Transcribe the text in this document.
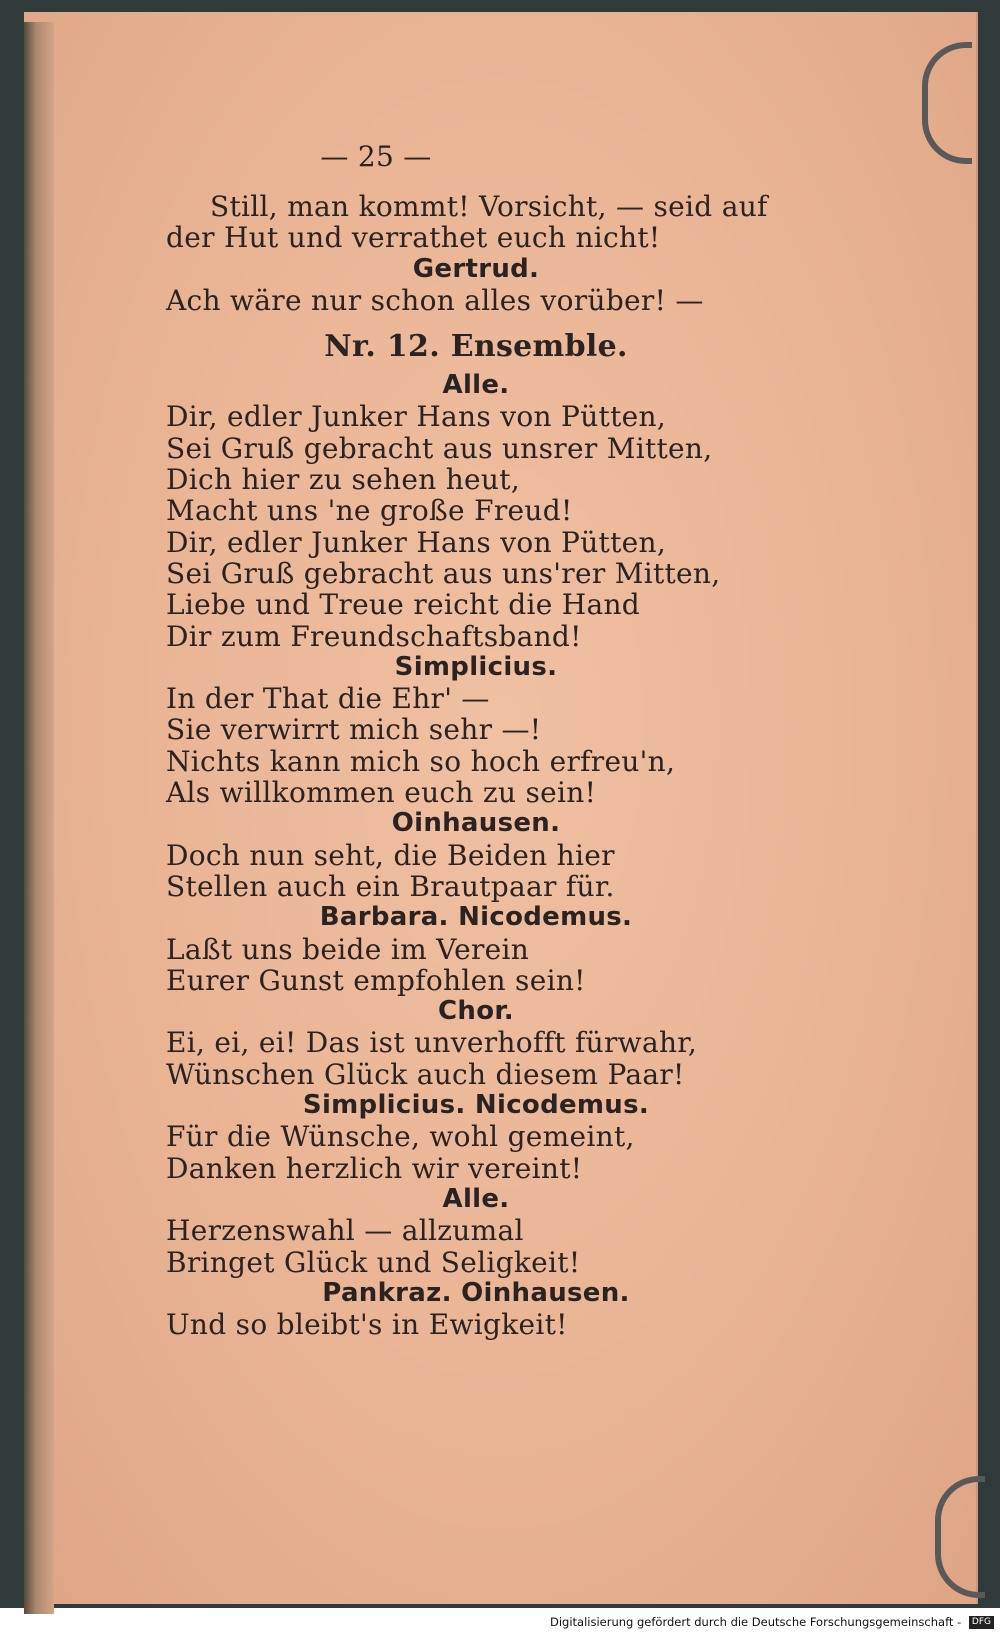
— 25 —
Still, man kommt! Vorsicht, — seid auf
der Hut und verrathet euch nicht!
Gertrud.
Ach wäre nur schon alles vorüber! —
Nr. 12. Ensemble.
Alle.
Dir, edler Junker Hans von Pütten,
Sei Gruß gebracht aus unsrer Mitten,
Dich hier zu sehen heut,
Macht uns 'ne große Freud!
Dir, edler Junker Hans von Pütten,
Sei Gruß gebracht aus uns'rer Mitten,
Liebe und Treue reicht die Hand
Dir zum Freundschaftsband!
Simplicius.
In der That die Ehr' —
Sie verwirrt mich sehr —!
Nichts kann mich so hoch erfreu'n,
Als willkommen euch zu sein!
Oinhausen.
Doch nun seht, die Beiden hier
Stellen auch ein Brautpaar für.
Barbara. Nicodemus.
Laßt uns beide im Verein
Eurer Gunst empfohlen sein!
Chor.
Ei, ei, ei! Das ist unverhofft fürwahr,
Wünschen Glück auch diesem Paar!
Simplicius. Nicodemus.
Für die Wünsche, wohl gemeint,
Danken herzlich wir vereint!
Alle.
Herzenswahl — allzumal
Bringet Glück und Seligkeit!
Pankraz. Oinhausen.
Und so bleibt's in Ewigkeit!
Digitalisierung gefördert durch die Deutsche Forschungsgemeinschaft - DFG
